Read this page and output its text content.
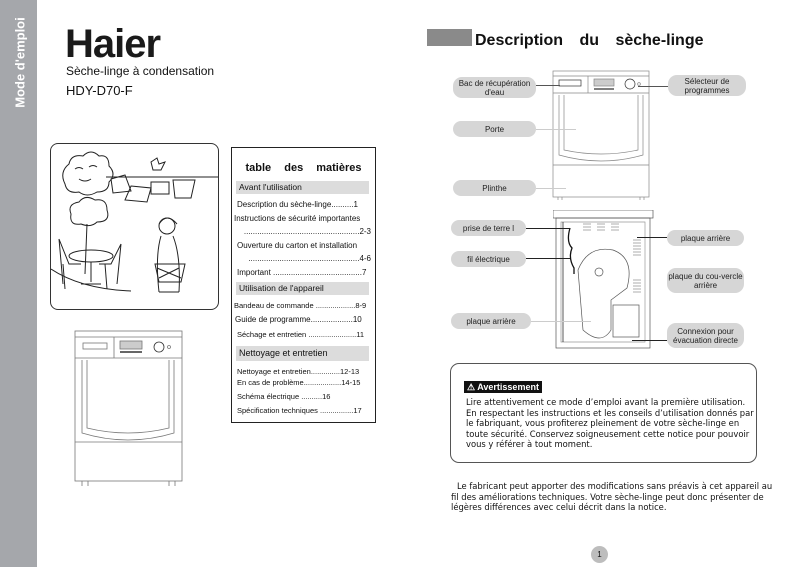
Mode d'emploi Haier
Sèche-linge à condensation
HDY-D70-F
table des matières
Avant l'utilisation
Description du sèche-linge..........1
Instructions de sécurité importantes
....................................................2-3
Ouverture du carton et installation
..................................................4-6
Important ........................................7
Utilisation de l'appareil
Bandeau de commande ...................8-9
Guide de programme...................10
Séchage et entretien .......................11
Nettoyage et entretien
Nettoyage et entretien..............12-13
En cas de problème..................14-15
Schéma électrique ..........16
Spécification techniques ................17
Description du sèche-linge
Bac de récupération d'eau
Sélecteur de programmes
Porte
Plinthe
prise de terre l
fil électrique
plaque arrière
plaque arrière
plaque du cou-vercle arrière
Connexion pour évacuation directe
⚠ Avertissement
Lire attentivement ce mode d’emploi avant la première utilisation. En respectant les instructions et les conseils d’utilisation donnés par le fabriquant, vous profiterez pleinement de votre sèche-linge en toute sécurité. Conservez soigneusement cette notice pour pouvoir vous y référer à tout moment.
Le fabricant peut apporter des modifications sans préavis à cet appareil au fil des améliorations techniques. Votre sèche-linge peut donc présenter de légères différences avec celui décrit dans la notice.
1
